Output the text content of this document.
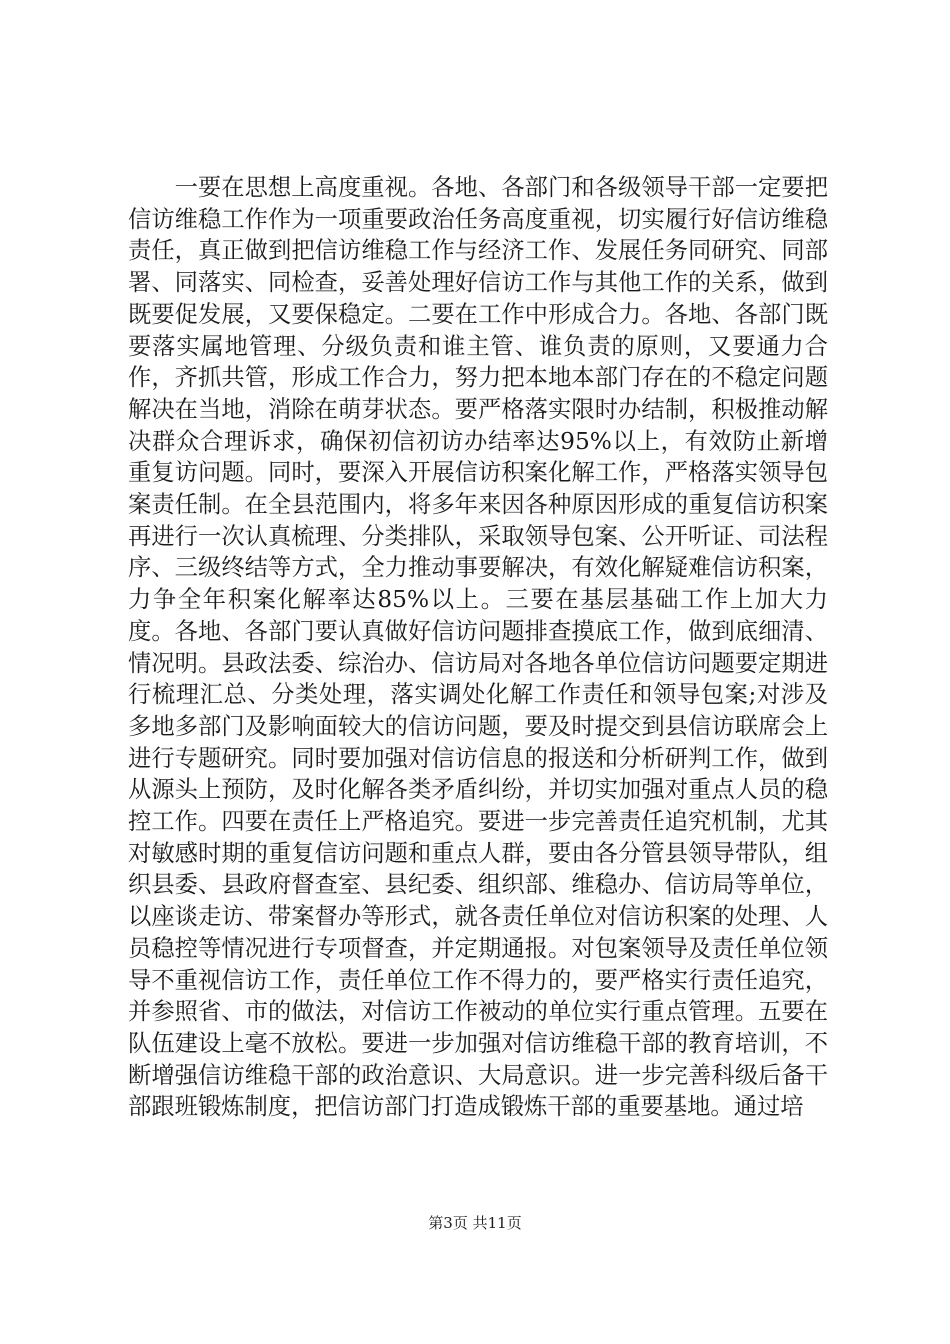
一要在思想上高度重视。各地、各部门和各级领导干部一定要把信访维稳工作作为一项重要政治任务高度重视，切实履行好信访维稳责任，真正做到把信访维稳工作与经济工作、发展任务同研究、同部署、同落实、同检查，妥善处理好信访工作与其他工作的关系，做到既要促发展，又要保稳定。二要在工作中形成合力。各地、各部门既要落实属地管理、分级负责和谁主管、谁负责的原则，又要通力合作，齐抓共管，形成工作合力，努力把本地本部门存在的不稳定问题解决在当地，消除在萌芽状态。要严格落实限时办结制，积极推动解决群众合理诉求，确保初信初访办结率达95%以上，有效防止新增重复访问题。同时，要深入开展信访积案化解工作，严格落实领导包案责任制。在全县范围内，将多年来因各种原因形成的重复信访积案再进行一次认真梳理、分类排队，采取领导包案、公开听证、司法程序、三级终结等方式，全力推动事要解决，有效化解疑难信访积案，力争全年积案化解率达85%以上。三要在基层基础工作上加大力度。各地、各部门要认真做好信访问题排查摸底工作，做到底细清、情况明。县政法委、综治办、信访局对各地各单位信访问题要定期进行梳理汇总、分类处理，落实调处化解工作责任和领导包案;对涉及多地多部门及影响面较大的信访问题，要及时提交到县信访联席会上进行专题研究。同时要加强对信访信息的报送和分析研判工作，做到从源头上预防，及时化解各类矛盾纠纷，并切实加强对重点人员的稳控工作。四要在责任上严格追究。要进一步完善责任追究机制，尤其对敏感时期的重复信访问题和重点人群，要由各分管县领导带队，组织县委、县政府督查室、县纪委、组织部、维稳办、信访局等单位，以座谈走访、带案督办等形式，就各责任单位对信访积案的处理、人员稳控等情况进行专项督查，并定期通报。对包案领导及责任单位领导不重视信访工作，责任单位工作不得力的，要严格实行责任追究，并参照省、市的做法，对信访工作被动的单位实行重点管理。五要在队伍建设上毫不放松。要进一步加强对信访维稳干部的教育培训，不断增强信访维稳干部的政治意识、大局意识。进一步完善科级后备干部跟班锻炼制度，把信访部门打造成锻炼干部的重要基地。通过培

第3页 共11页
